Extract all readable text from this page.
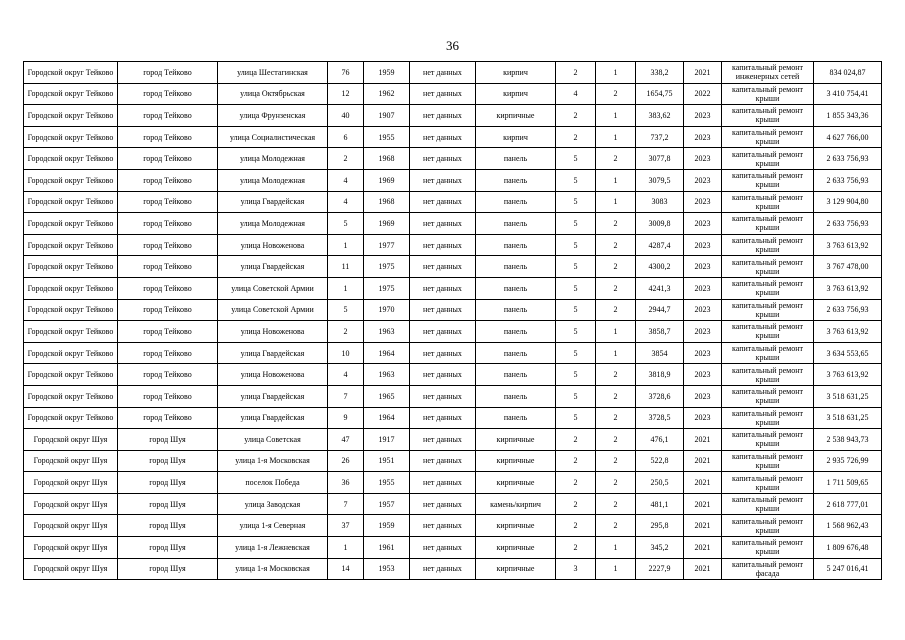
36
Городской округ Тейково	город Тейково	улица Шестагинская	76	1959	нет данных	кирпич	2	1	338,2	2021	капитальный ремонт инженерных сетей	834 024,87
Городской округ Тейково	город Тейково	улица Октябрьская	12	1962	нет данных	кирпич	4	2	1654,75	2022	капитальный ремонт крыши	3 410 754,41
Городской округ Тейково	город Тейково	улица Фрунзенская	40	1907	нет данных	кирпичные	2	1	383,62	2023	капитальный ремонт крыши	1 855 343,36
Городской округ Тейково	город Тейково	улица Социалистическая	6	1955	нет данных	кирпич	2	1	737,2	2023	капитальный ремонт крыши	4 627 766,00
Городской округ Тейково	город Тейково	улица Молодежная	2	1968	нет данных	панель	5	2	3077,8	2023	капитальный ремонт крыши	2 633 756,93
Городской округ Тейково	город Тейково	улица Молодежная	4	1969	нет данных	панель	5	1	3079,5	2023	капитальный ремонт крыши	2 633 756,93
Городской округ Тейково	город Тейково	улица Гвардейская	4	1968	нет данных	панель	5	1	3083	2023	капитальный ремонт крыши	3 129 904,80
Городской округ Тейково	город Тейково	улица Молодежная	5	1969	нет данных	панель	5	2	3009,8	2023	капитальный ремонт крыши	2 633 756,93
Городской округ Тейково	город Тейково	улица Новоженова	1	1977	нет данных	панель	5	2	4287,4	2023	капитальный ремонт крыши	3 763 613,92
Городской округ Тейково	город Тейково	улица Гвардейская	11	1975	нет данных	панель	5	2	4300,2	2023	капитальный ремонт крыши	3 767 478,00
Городской округ Тейково	город Тейково	улица Советской Армии	1	1975	нет данных	панель	5	2	4241,3	2023	капитальный ремонт крыши	3 763 613,92
Городской округ Тейково	город Тейково	улица Советской Армии	5	1970	нет данных	панель	5	2	2944,7	2023	капитальный ремонт крыши	2 633 756,93
Городской округ Тейково	город Тейково	улица Новоженова	2	1963	нет данных	панель	5	1	3858,7	2023	капитальный ремонт крыши	3 763 613,92
Городской округ Тейково	город Тейково	улица Гвардейская	10	1964	нет данных	панель	5	1	3854	2023	капитальный ремонт крыши	3 634 553,65
Городской округ Тейково	город Тейково	улица Новоженова	4	1963	нет данных	панель	5	2	3818,9	2023	капитальный ремонт крыши	3 763 613,92
Городской округ Тейково	город Тейково	улица Гвардейская	7	1965	нет данных	панель	5	2	3728,6	2023	капитальный ремонт крыши	3 518 631,25
Городской округ Тейково	город Тейково	улица Гвардейская	9	1964	нет данных	панель	5	2	3728,5	2023	капитальный ремонт крыши	3 518 631,25
Городской округ Шуя	город Шуя	улица Советская	47	1917	нет данных	кирпичные	2	2	476,1	2021	капитальный ремонт крыши	2 538 943,73
Городской округ Шуя	город Шуя	улица 1-я Московская	26	1951	нет данных	кирпичные	2	2	522,8	2021	капитальный ремонт крыши	2 935 726,99
Городской округ Шуя	город Шуя	поселок Победа	36	1955	нет данных	кирпичные	2	2	250,5	2021	капитальный ремонт крыши	1 711 509,65
Городской округ Шуя	город Шуя	улица Заводская	7	1957	нет данных	камень/кирпич	2	2	481,1	2021	капитальный ремонт крыши	2 618 777,01
Городской округ Шуя	город Шуя	улица 1-я Северная	37	1959	нет данных	кирпичные	2	2	295,8	2021	капитальный ремонт крыши	1 568 962,43
Городской округ Шуя	город Шуя	улица 1-я Лежневская	1	1961	нет данных	кирпичные	2	1	345,2	2021	капитальный ремонт крыши	1 809 676,48
Городской округ Шуя	город Шуя	улица 1-я Московская	14	1953	нет данных	кирпичные	3	1	2227,9	2021	капитальный ремонт фасада	5 247 016,41
